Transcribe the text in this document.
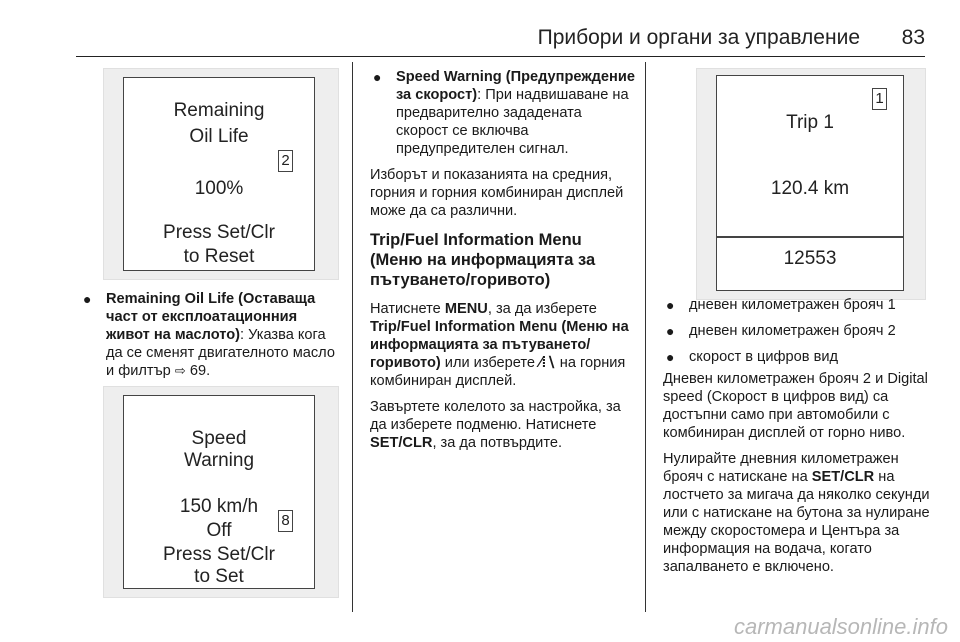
Прибори и органи за управление 83
Remaining
Oil Life
2
100%
Press Set/Clr
to Reset
● Remaining Oil Life (Оставаща част от експлоатационния живот на маслото): Указва кога да се сменят двигателното масло и филтър ⇨ 69.
Speed
Warning
150 km/h
8
Off
Press Set/Clr
to Set
● Speed Warning (Предупреждение за скорост): При надвишаване на предварително зададената скорост се включва предупредителен сигнал.

Изборът и показанията на средния, горния и горния комбиниран дисплей може да са различни.

Trip/Fuel Information Menu (Меню на информацията за пътуването/горивото)

Натиснете MENU, за да изберете Trip/Fuel Information Menu (Меню на информацията за пътуването/горивото) или изберете ⁄⁞∖ на горния комбиниран дисплей.

Завъртете колелото за настройка, за да изберете подменю. Натиснете SET/CLR, за да потвърдите.

Trip 1
1
120.4 km
12553
● дневен километражен брояч 1
● дневен километражен брояч 2
● скорост в цифров вид

Дневен километражен брояч 2 и Digital speed (Скорост в цифров вид) са достъпни само при автомобили с комбиниран дисплей от горно ниво.

Нулирайте дневния километражен брояч с натискане на SET/CLR на лостчето за мигача да няколко секунди или с натискане на бутона за нулиране между скоростомера и Центъра за информация на водача, когато запалването е включено.

carmanualsonline.info
